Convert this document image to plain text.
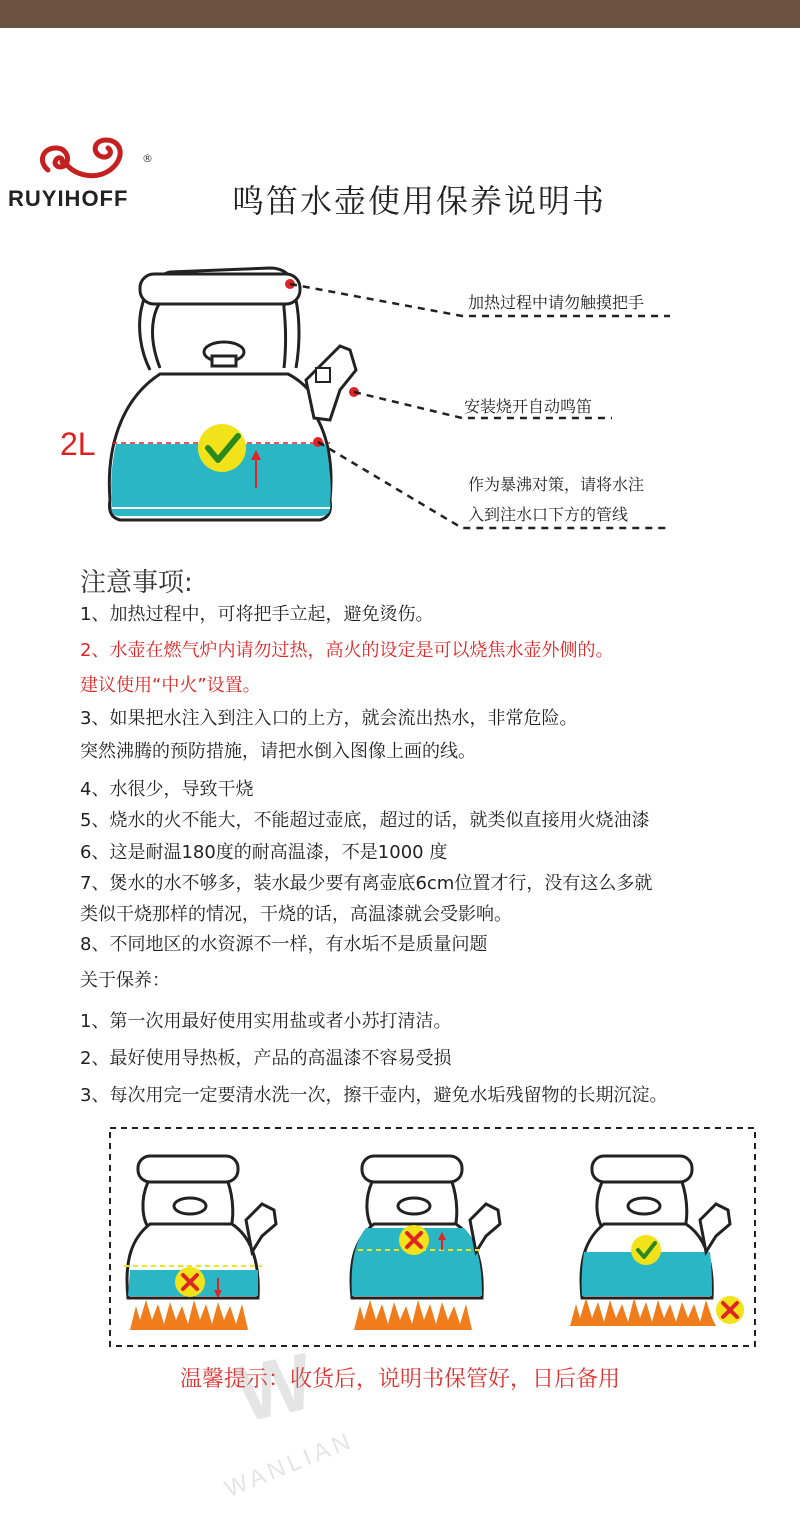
®
RUYIHOFF	鸣笛水壶使用保养说明书
2L
加热过程中请勿触摸把手
安装烧开自动鸣笛
作为暴沸对策，请将水注
入到注水口下方的管线
注意事项:
1、加热过程中，可将把手立起，避免烫伤。
2、水壶在燃气炉内请勿过热，高火的设定是可以烧焦水壶外侧的。
建议使用“中火”设置。
3、如果把水注入到注入口的上方，就会流出热水，非常危险。
突然沸腾的预防措施，请把水倒入图像上画的线。
4、水很少，导致干烧
5、烧水的火不能大，不能超过壶底，超过的话，就类似直接用火烧油漆
6、这是耐温180度的耐高温漆，不是1000 度
7、煲水的水不够多，装水最少要有离壶底6cm位置才行，没有这么多就
类似干烧那样的情况，干烧的话，高温漆就会受影响。
8、不同地区的水资源不一样，有水垢不是质量问题
关于保养：
1、第一次用最好使用实用盐或者小苏打清洁。
2、最好使用导热板，产品的高温漆不容易受损
3、每次用完一定要清水洗一次，擦干壶内，避免水垢残留物的长期沉淀。
温馨提示：收货后，说明书保管好，日后备用
W
WANLIAN
